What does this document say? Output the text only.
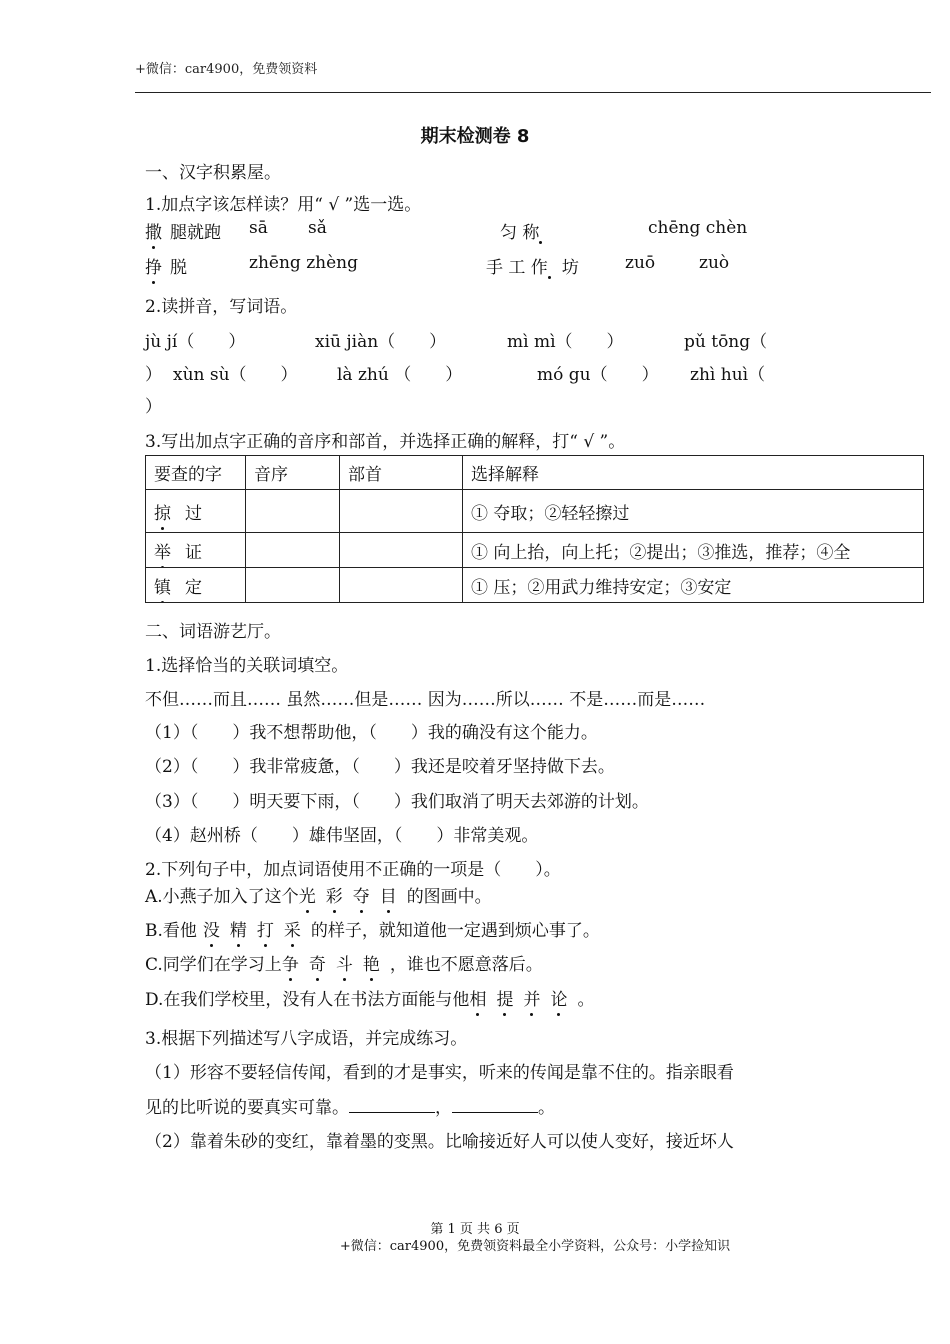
+微信：car4900，免费领资料
期末检测卷 8
一、汉字积累屋。
1.加点字该怎样读？用“ √ ”选一选。
撒 腿就跑 sā sǎ	匀 称	chēng chèn
挣 脱	zhēng zhèng	手 工 作 坊	zuō	zuò
2.读拼音，写词语。
jù jí（　　）	xiū jiàn（　　）	mì mì（　　）	pǔ tōng（
） xùn sù（　　） là zhú （　　）	mó gu（　　） zhì huì（
）
3.写出加点字正确的音序和部首，并选择正确的解释，打“ √ ”。
要查的字	音序	部首	选择解释
掠 过			① 夺取；②轻轻擦过
举 证			① 向上抬，向上托；②提出；③推选，推荐；④全
镇 定			① 压；②用武力维持安定；③安定
二、词语游艺厅。
1.选择恰当的关联词填空。
不但……而且…… 虽然……但是…… 因为……所以…… 不是……而是……
（1）（　　）我不想帮助他，（　　）我的确没有这个能力。
（2）（　　）我非常疲惫，（　　）我还是咬着牙坚持做下去。
（3）（　　）明天要下雨，（　　）我们取消了明天去郊游的计划。
（4）赵州桥（　　）雄伟坚固，（　　）非常美观。
2.下列句子中，加点词语使用不正确的一项是（　　）。
A.小燕子加入了这个光 彩 夺 目 的图画中。
B.看他 没 精 打 采 的样子，就知道他一定遇到烦心事了。
C.同学们在学习上争 奇 斗 艳 ，谁也不愿意落后。
D.在我们学校里，没有人在书法方面能与他相 提 并 论 。
3.根据下列描述写八字成语，并完成练习。
（1）形容不要轻信传闻，看到的才是事实，听来的传闻是靠不住的。指亲眼看
见的比听说的要真实可靠。	，	。
（2）靠着朱砂的变红，靠着墨的变黑。比喻接近好人可以使人变好，接近坏人
第 1 页 共 6 页
+微信：car4900，免费领资料最全小学资料，公众号：小学捡知识
